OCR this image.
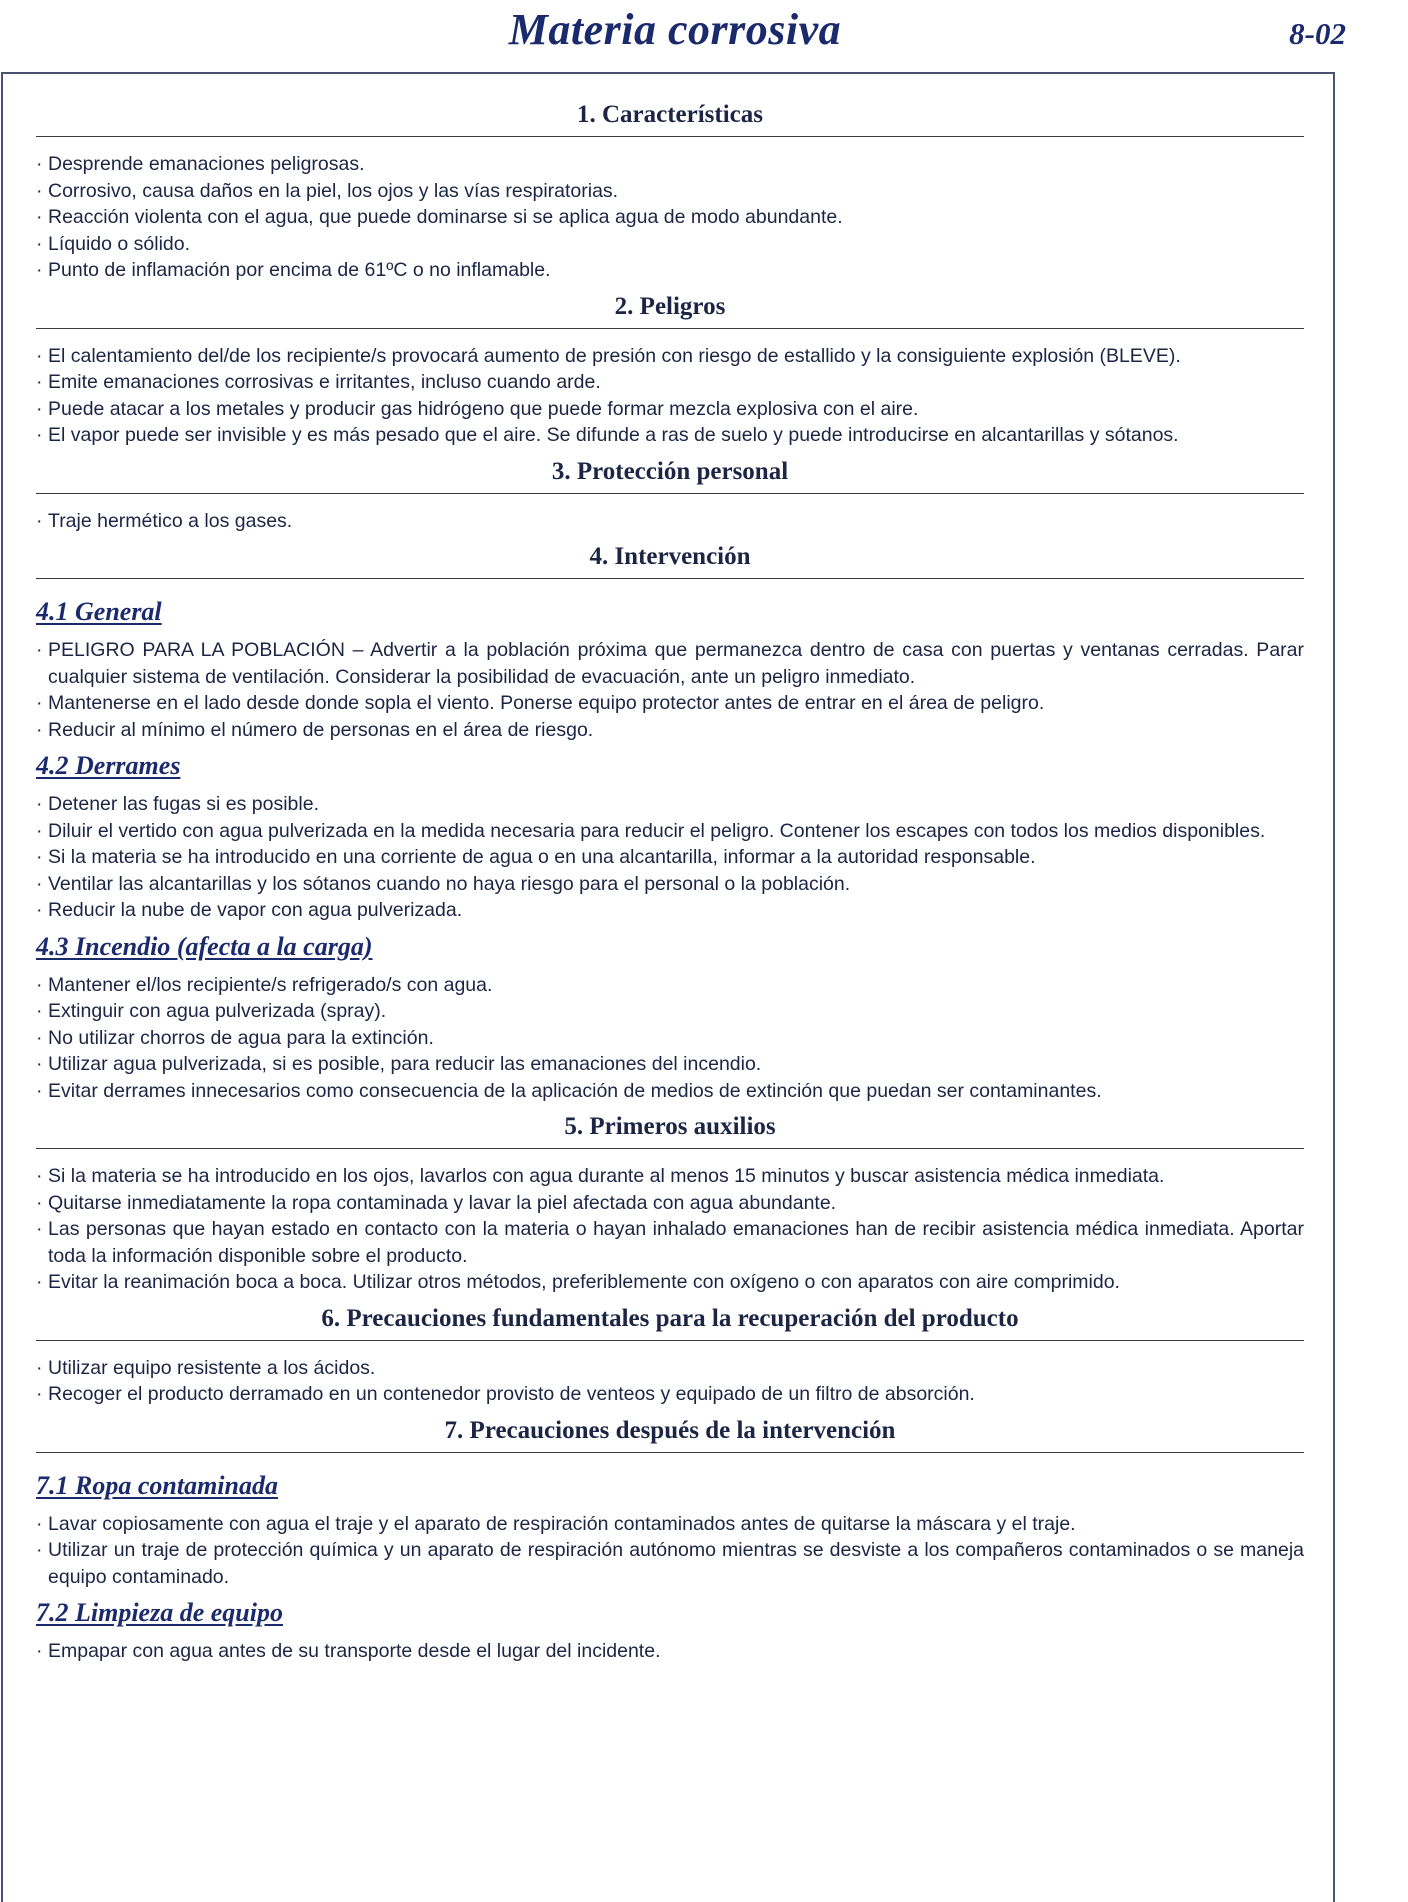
Materia corrosiva	8-02
1. Características
· Desprende emanaciones peligrosas.
· Corrosivo, causa daños en la piel, los ojos y las vías respiratorias.
· Reacción violenta con el agua, que puede dominarse si se aplica agua de modo abundante.
· Líquido o sólido.
· Punto de inflamación por encima de 61ºC o no inflamable.
2. Peligros
· El calentamiento del/de los recipiente/s provocará aumento de presión con riesgo de estallido y la consiguiente explosión (BLEVE).
· Emite emanaciones corrosivas e irritantes, incluso cuando arde.
· Puede atacar a los metales y producir gas hidrógeno que puede formar mezcla explosiva con el aire.
· El vapor puede ser invisible y es más pesado que el aire. Se difunde a ras de suelo y puede introducirse en alcantarillas y sótanos.
3. Protección personal
· Traje hermético a los gases.
4. Intervención
4.1 General
· PELIGRO PARA LA POBLACIÓN – Advertir a la población próxima que permanezca dentro de casa con puertas y ventanas cerradas. Parar cualquier sistema de ventilación. Considerar la posibilidad de evacuación, ante un peligro inmediato.
· Mantenerse en el lado desde donde sopla el viento. Ponerse equipo protector antes de entrar en el área de peligro.
· Reducir al mínimo el número de personas en el área de riesgo.
4.2 Derrames
· Detener las fugas si es posible.
· Diluir el vertido con agua pulverizada en la medida necesaria para reducir el peligro. Contener los escapes con todos los medios disponibles.
· Si la materia se ha introducido en una corriente de agua o en una alcantarilla, informar a la autoridad responsable.
· Ventilar las alcantarillas y los sótanos cuando no haya riesgo para el personal o la población.
· Reducir la nube de vapor con agua pulverizada.
4.3 Incendio (afecta a la carga)
· Mantener el/los recipiente/s refrigerado/s con agua.
· Extinguir con agua pulverizada (spray).
· No utilizar chorros de agua para la extinción.
· Utilizar agua pulverizada, si es posible, para reducir las emanaciones del incendio.
· Evitar derrames innecesarios como consecuencia de la aplicación de medios de extinción que puedan ser contaminantes.
5. Primeros auxilios
· Si la materia se ha introducido en los ojos, lavarlos con agua durante al menos 15 minutos y buscar asistencia médica inmediata.
· Quitarse inmediatamente la ropa contaminada y lavar la piel afectada con agua abundante.
· Las personas que hayan estado en contacto con la materia o hayan inhalado emanaciones han de recibir asistencia médica inmediata. Aportar toda la información disponible sobre el producto.
· Evitar la reanimación boca a boca. Utilizar otros métodos, preferiblemente con oxígeno o con aparatos con aire comprimido.
6. Precauciones fundamentales para la recuperación del producto
· Utilizar equipo resistente a los ácidos.
· Recoger el producto derramado en un contenedor provisto de venteos y equipado de un filtro de absorción.
7. Precauciones después de la intervención
7.1 Ropa contaminada
· Lavar copiosamente con agua el traje y el aparato de respiración contaminados antes de quitarse la máscara y el traje.
· Utilizar un traje de protección química y un aparato de respiración autónomo mientras se desviste a los compañeros contaminados o se maneja equipo contaminado.
7.2 Limpieza de equipo
· Empapar con agua antes de su transporte desde el lugar del incidente.
